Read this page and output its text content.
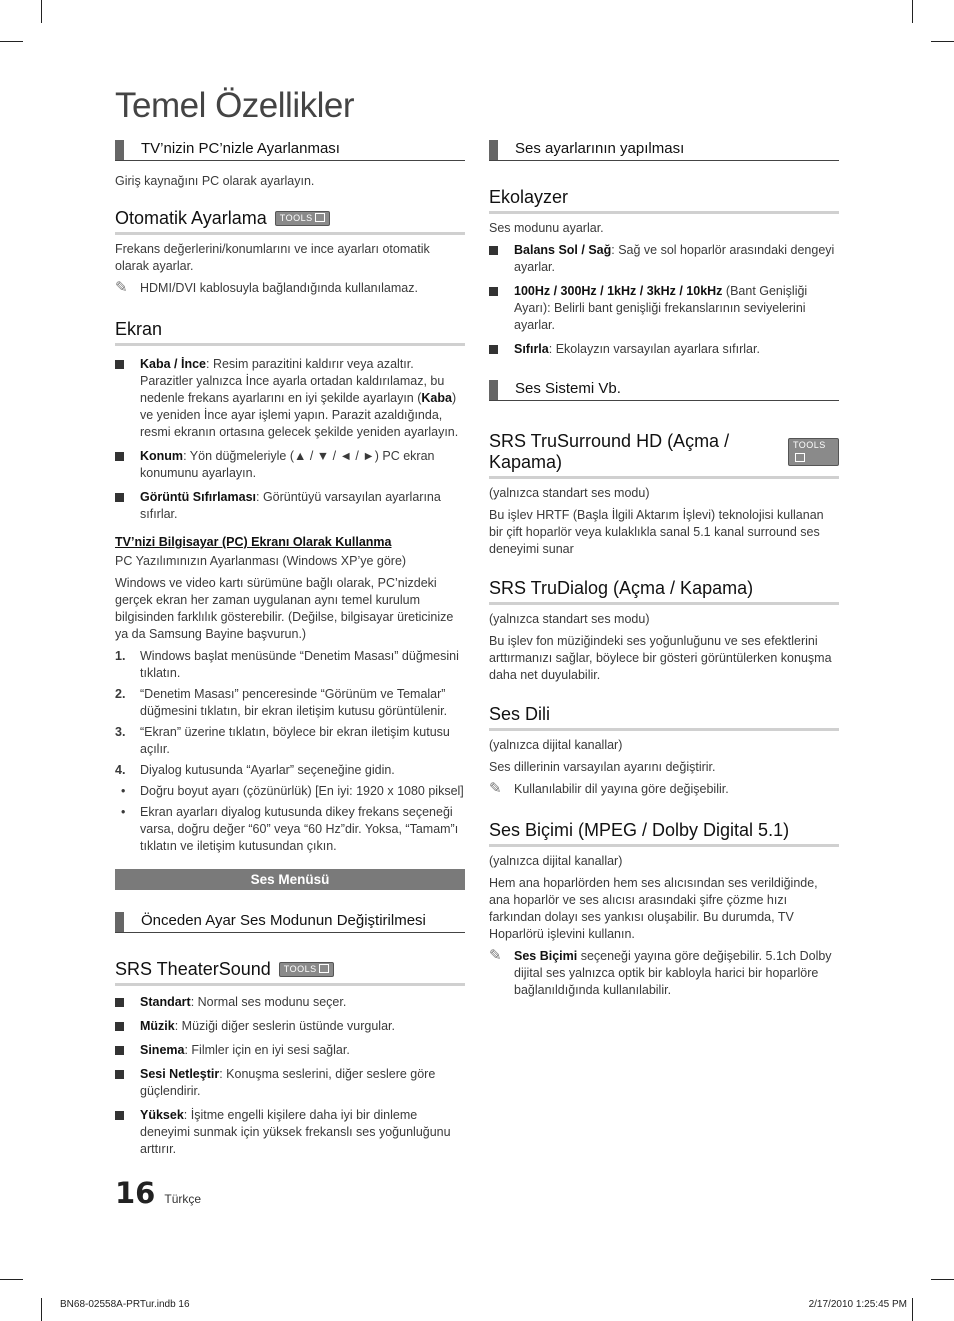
Temel Özellikler
TV’nizin PC’nizle Ayarlanması

Giriş kaynağını PC olarak ayarlayın.

Otomatik Ayarlama	TOOLS

Frekans değerlerini/konumlarını ve ince ayarları otomatik olarak ayarlar.

✎ HDMI/DVI kablosuyla bağlandığında kullanılamaz.
Ekran
Kaba / İnce: Resim parazitini kaldırır veya azaltır. Parazitler yalnızca İnce ayarla ortadan kaldırılamaz, bu nedenle frekans ayarlarını en iyi şekilde ayarlayın (Kaba) ve yeniden İnce ayar işlemi yapın. Parazit azaldığında, resmi ekranın ortasına gelecek şekilde yeniden ayarlayın.
Konum: Yön düğmeleriyle (▲ / ▼ / ◄ / ►) PC ekran konumunu ayarlayın.
Görüntü Sıfırlaması: Görüntüyü varsayılan ayarlarına sıfırlar.
TV’nizi Bilgisayar (PC) Ekranı Olarak Kullanma

PC Yazılımınızın Ayarlanması (Windows XP’ye göre)

Windows ve video kartı sürümüne bağlı olarak, PC’nizdeki gerçek ekran her zaman uygulanan aynı temel kurulum bilgisinden farklılık gösterebilir. (Değilse, bilgisayar üreticinize ya da Samsung Bayine başvurun.)

1. Windows başlat menüsünde “Denetim Masası” düğmesini tıklatın.
2. “Denetim Masası” penceresinde “Görünüm ve Temalar” düğmesini tıklatın, bir ekran iletişim kutusu görüntülenir.
3. “Ekran” üzerine tıklatın, böylece bir ekran iletişim kutusu açılır.
4. Diyalog kutusunda “Ayarlar” seçeneğine gidin.
• Doğru boyut ayarı (çözünürlük) [En iyi: 1920 x 1080 piksel]
• Ekran ayarları diyalog kutusunda dikey frekans seçeneği varsa, doğru değer “60” veya “60 Hz”dir. Yoksa, “Tamam”ı tıklatın ve iletişim kutusundan çıkın.
Ses Menüsü
Önceden Ayar Ses Modunun Değiştirilmesi
SRS TheaterSound	TOOLS
Standart: Normal ses modunu seçer.
Müzik: Müziği diğer seslerin üstünde vurgular.
Sinema: Filmler için en iyi sesi sağlar.
Sesi Netleştir: Konuşma seslerini, diğer seslere göre güçlendirir.
Yüksek: İşitme engelli kişilere daha iyi bir dinleme deneyimi sunmak için yüksek frekanslı ses yoğunluğunu arttırır.
Ses ayarlarının yapılması
Ekolayzer

Ses modunu ayarlar.

Balans Sol / Sağ: Sağ ve sol hoparlör arasındaki dengeyi ayarlar.
100Hz / 300Hz / 1kHz / 3kHz / 10kHz (Bant Genişliği Ayarı): Belirli bant genişliği frekanslarının seviyelerini ayarlar.
Sıfırla: Ekolayzın varsayılan ayarlara sıfırlar.
Ses Sistemi Vb.
SRS TruSurround HD (Açma / Kapama)
TOOLS

(yalnızca standart ses modu)

Bu işlev HRTF (Başla İlgili Aktarım İşlevi) teknolojisi kullanan bir çift hoparlör veya kulaklıkla sanal 5.1 kanal surround ses deneyimi sunar

SRS TruDialog (Açma / Kapama)

(yalnızca standart ses modu)

Bu işlev fon müziğindeki ses yoğunluğunu ve ses efektlerini arttırmanızı sağlar, böylece bir gösteri görüntülerken konuşma daha net duyulabilir.

Ses Dili

(yalnızca dijital kanallar)

Ses dillerinin varsayılan ayarını değiştirir.

✎ Kullanılabilir dil yayına göre değişebilir.
Ses Biçimi (MPEG / Dolby Digital 5.1)

(yalnızca dijital kanallar)

Hem ana hoparlörden hem ses alıcısından ses verildiğinde, ana hoparlör ve ses alıcısı arasındaki şifre çözme hızı farkından dolayı ses yankısı oluşabilir. Bu durumda, TV Hoparlörü işlevini kullanın.

✎ Ses Biçimi seçeneği yayına göre değişebilir. 5.1ch Dolby dijital ses yalnızca optik bir kabloyla harici bir hoparlöre bağlanıldığında kullanılabilir.
16 Türkçe
BN68-02558A-PRTur.indb 16	2/17/2010 1:25:45 PM
